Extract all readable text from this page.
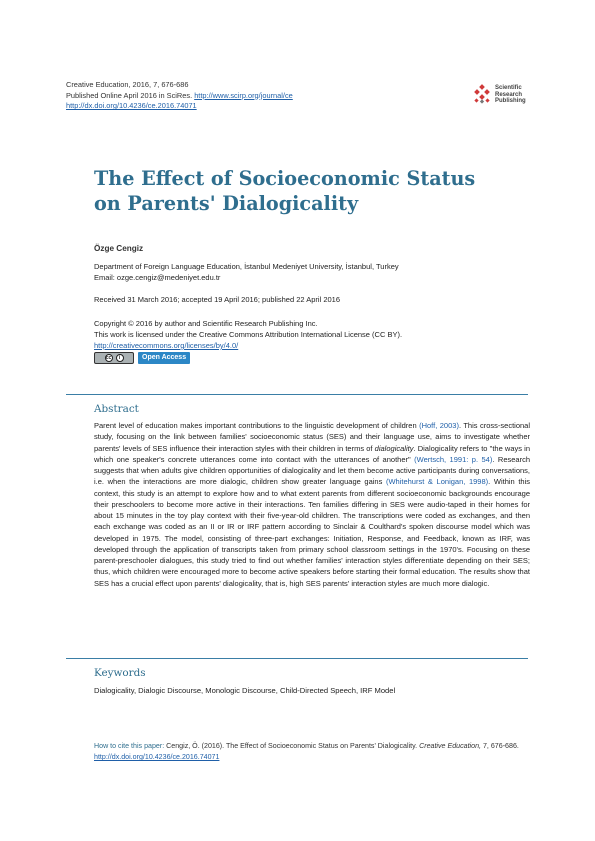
Creative Education, 2016, 7, 676-686
Published Online April 2016 in SciRes. http://www.scirp.org/journal/ce
http://dx.doi.org/10.4236/ce.2016.74071
Scientific
Research
Publishing
The Effect of Socioeconomic Status on Parents' Dialogicality
Özge Cengiz
Department of Foreign Language Education, İstanbul Medeniyet University, İstanbul, Turkey
Email: ozge.cengiz@medeniyet.edu.tr
Received 31 March 2016; accepted 19 April 2016; published 22 April 2016
Copyright © 2016 by author and Scientific Research Publishing Inc.
This work is licensed under the Creative Commons Attribution International License (CC BY).
http://creativecommons.org/licenses/by/4.0/
cc	i	Open Access
Abstract
Parent level of education makes important contributions to the linguistic development of children (Hoff, 2003). This cross-sectional study, focusing on the link between families' socioeconomic status (SES) and their language use, aims to investigate whether parents' levels of SES influence their interaction styles with their children in terms of dialogicality. Dialogicality refers to "the ways in which one speaker's concrete utterances come into contact with the utterances of another" (Wertsch, 1991: p. 54). Research suggests that when adults give children opportunities of dialogicality and let them become active participants during conversations, i.e. when the interactions are more dialogic, children show greater language gains (Whitehurst & Lonigan, 1998). Within this context, this study is an attempt to explore how and to what extent parents from different socioeconomic backgrounds encourage their preschoolers to become more active in their interactions. Ten families differing in SES were audio-taped in their homes for about 15 minutes in the toy play context with their five-year-old children. The transcriptions were coded as exchanges, and then each exchange was coded as an II or IR or IRF pattern according to Sinclair & Coulthard's spoken discourse model which was developed in 1975. The model, consisting of three-part exchanges: Initiation, Response, and Feedback, known as IRF, was developed through the application of transcripts taken from primary school classroom settings in the 1970's. Focusing on these parent-preschooler dialogues, this study tried to find out whether families' interaction styles differentiate depending on their SES; thus, which children were encouraged more to become active speakers before starting their formal education. The results show that SES has a crucial effect upon parents' dialogicality, that is, high SES parents' interaction styles are much more dialogic.
Keywords
Dialogicality, Dialogic Discourse, Monologic Discourse, Child-Directed Speech, IRF Model
How to cite this paper: Cengiz, Ö. (2016). The Effect of Socioeconomic Status on Parents' Dialogicality. Creative Education, 7, 676-686. http://dx.doi.org/10.4236/ce.2016.74071
